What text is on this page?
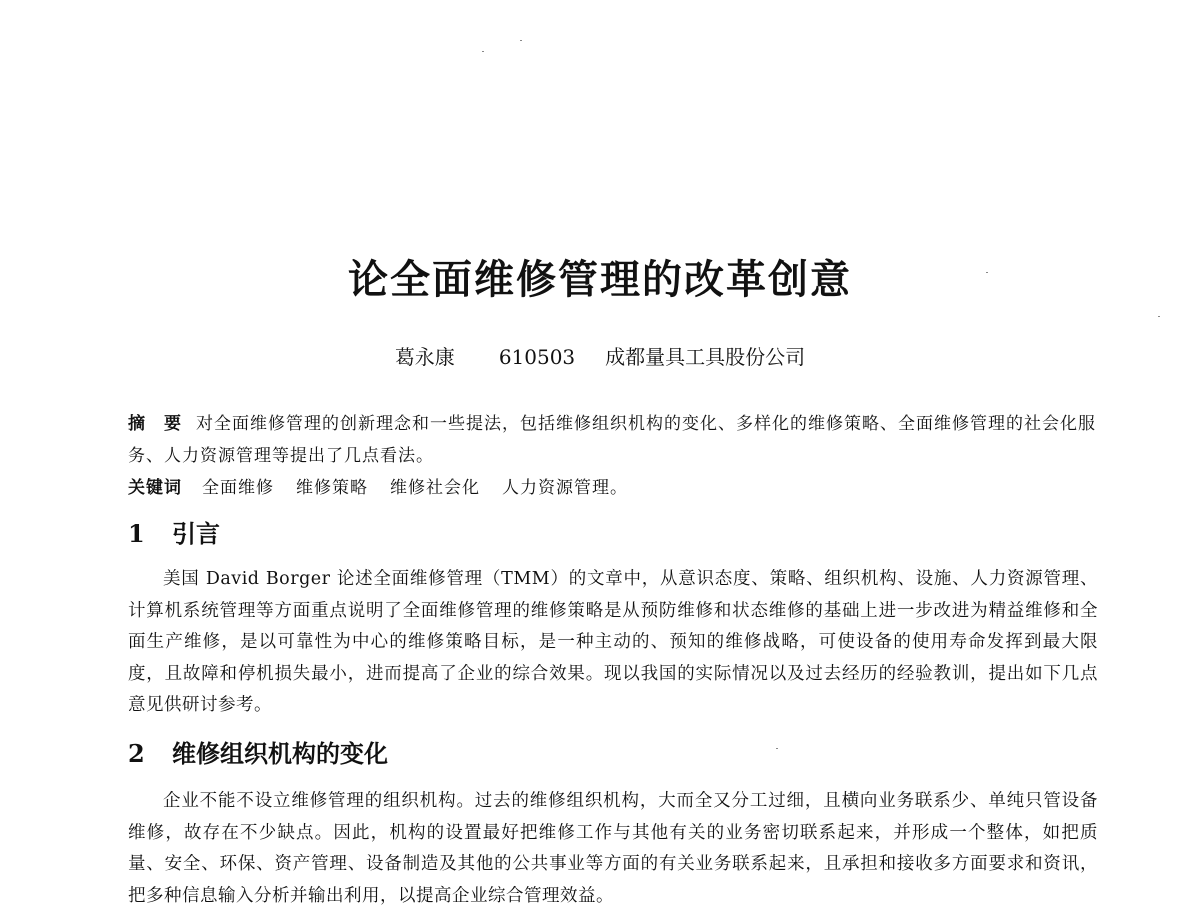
论全面维修管理的改革创意
葛永康 610503 成都量具工具股份公司
摘　要 对全面维修管理的创新理念和一些提法，包括维修组织机构的变化、多样化的维修策略、全面维修管理的社会化服务、人力资源管理等提出了几点看法。
关键词 全面维修 维修策略 维修社会化 人力资源管理。
1 引言
美国 David Borger 论述全面维修管理（TMM）的文章中，从意识态度、策略、组织机构、设施、人力资源管理、计算机系统管理等方面重点说明了全面维修管理的维修策略是从预防维修和状态维修的基础上进一步改进为精益维修和全面生产维修，是以可靠性为中心的维修策略目标，是一种主动的、预知的维修战略，可使设备的使用寿命发挥到最大限度，且故障和停机损失最小，进而提高了企业的综合效果。现以我国的实际情况以及过去经历的经验教训，提出如下几点意见供研讨参考。
2 维修组织机构的变化
企业不能不设立维修管理的组织机构。过去的维修组织机构，大而全又分工过细，且横向业务联系少、单纯只管设备维修，故存在不少缺点。因此，机构的设置最好把维修工作与其他有关的业务密切联系起来，并形成一个整体，如把质量、安全、环保、资产管理、设备制造及其他的公共事业等方面的有关业务联系起来，且承担和接收多方面要求和资讯，把多种信息输入分析并输出利用，以提高企业综合管理效益。
